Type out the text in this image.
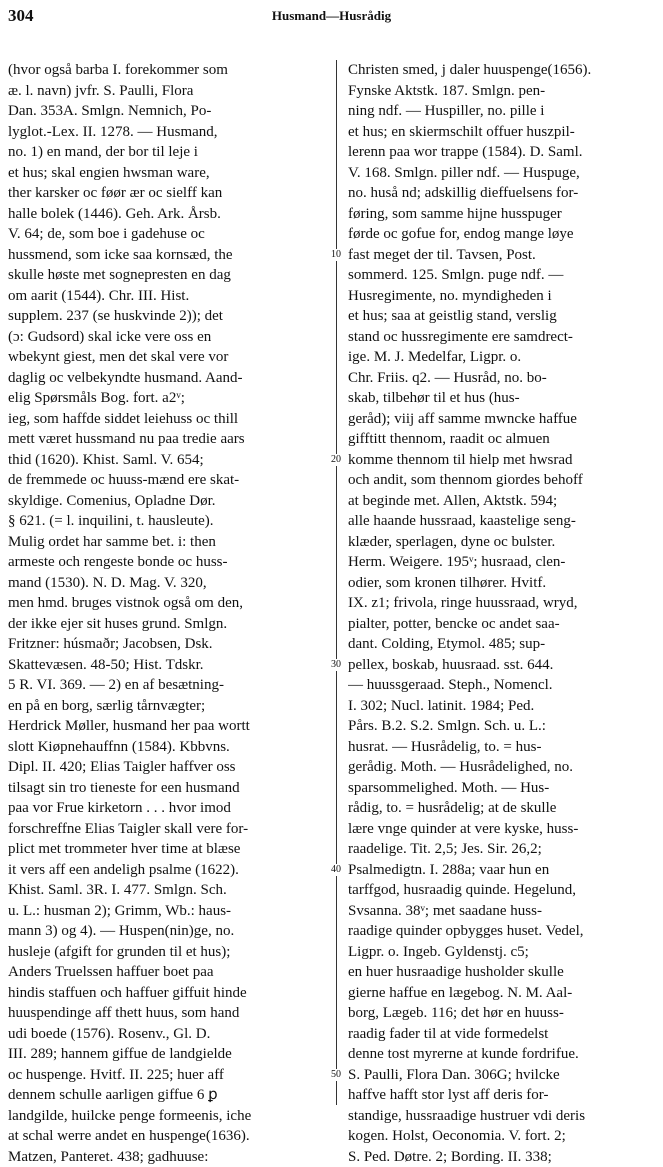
304	Husmand—Husrådig
(hvor også barba I. forekommer som
æ. l. navn) jvfr. S. Paulli, Flora
Dan. 353A. Smlgn. Nemnich, Po-
lyglot.-Lex. II. 1278. — Husmand,
no. 1) en mand, der bor til leje i
et hus; skal engien hwsman ware,
ther karsker oc føør ær oc sielff kan
halle bolek (1446). Geh. Ark. Årsb.
V. 64; de, som boe i gadehuse oc
hussmend, som icke saa kornsæd, the
skulle høste met sognepresten en dag
om aarit (1544). Chr. III. Hist.
supplem. 237 (se huskvinde 2)); det
(ɔ: Gudsord) skal icke vere oss en
wbekynt giest, men det skal vere vor
daglig oc velbekyndte husmand. Aand-
elig Spørsmåls Bog. fort. a2ᵛ;
ieg, som haffde siddet leiehuss oc thill
mett været hussmand nu paa tredie aars
thid (1620). Khist. Saml. V. 654;
de fremmede oc huuss-mænd ere skat-
skyldige. Comenius, Opladne Dør.
§ 621. (= l. inquilini, t. hausleute).
Mulig ordet har samme bet. i: then
armeste och rengeste bonde oc huss-
mand (1530). N. D. Mag. V. 320,
men hmd. bruges vistnok også om den,
der ikke ejer sit huses grund. Smlgn.
Fritzner: húsmaðr; Jacobsen, Dsk.
Skattevæsen. 48-50; Hist. Tdskr.
5 R. VI. 369. — 2) en af besætning-
en på en borg, særlig tårnvægter;
Herdrick Møller, husmand her paa wortt
slott Kiøpnehauffnn (1584). Kbbvns.
Dipl. II. 420; Elias Taigler haffver oss
tilsagt sin tro tieneste for een husmand
paa vor Frue kirketorn . . . hvor imod
forschreffne Elias Taigler skall vere for-
plict met trommeter hver time at blæse
it vers aff een andeligh psalme (1622).
Khist. Saml. 3R. I. 477. Smlgn. Sch.
u. L.: husman 2); Grimm, Wb.: haus-
mann 3) og 4). — Huspen(nin)ge, no.
husleje (afgift for grunden til et hus);
Anders Truelssen haffuer boet paa
hindis staffuen och haffuer giffuit hinde
huuspendinge aff thett huus, som hand
udi boede (1576). Rosenv., Gl. D.
III. 289; hannem giffue de landgielde
oc huspenge. Hvitf. II. 225; huer aff
dennem schulle aarligen giffue 6 ꝑ
landgilde, huilcke penge formeenis, iche
at schal werre andet en huspenge(1636).
Matzen, Panteret. 438; gadhuuse:
Christen smed, j daler huuspenge(1656).
Fynske Aktstk. 187. Smlgn. pen-
ning ndf. — Huspiller, no. pille i
et hus; en skiermschilt offuer huszpil-
lerenn paa wor trappe (1584). D. Saml.
V. 168. Smlgn. piller ndf. — Huspuge,
no. huså nd; adskillig dieffuelsens for-
føring, som samme hijne husspuger
førde oc gofue for, endog mange løye
fast meget der til. Tavsen, Post.
sommerd. 125. Smlgn. puge ndf. —
Husregimente, no. myndigheden i
et hus; saa at geistlig stand, verslig
stand oc hussregimente ere samdrect-
ige. M. J. Medelfar, Ligpr. o.
Chr. Friis. q2. — Husråd, no. bo-
skab, tilbehør til et hus (hus-
geråd); viij aff samme mwncke haffue
gifftitt thennom, raadit oc almuen
komme thennom til hielp met hwsrad
och andit, som thennom giordes behoff
at beginde met. Allen, Aktstk. 594;
alle haande hussraad, kaastelige seng-
klæder, sperlagen, dyne oc bulster.
Herm. Weigere. 195ᵛ; husraad, clen-
odier, som kronen tilhører. Hvitf.
IX. z1; frivola, ringe huussraad, wryd,
pialter, potter, bencke oc andet saa-
dant. Colding, Etymol. 485; sup-
pellex, boskab, huusraad. sst. 644.
— huussgeraad. Steph., Nomencl.
I. 302; Nucl. latinit. 1984; Ped.
Pårs. B.2. S.2. Smlgn. Sch. u. L.:
husrat. — Husrådelig, to. = hus-
gerådig. Moth. — Husrådelighed, no.
sparsommelighed. Moth. — Hus-
rådig, to. = husrådelig; at de skulle
lære vnge quinder at vere kyske, huss-
raadelige. Tit. 2,5; Jes. Sir. 26,2;
Psalmedigtn. I. 288a; vaar hun en
tarffgod, husraadig quinde. Hegelund,
Svsanna. 38ᵛ; met saadane huss-
raadige quinder opbygges huset. Vedel,
Ligpr. o. Ingeb. Gyldenstj. c5;
en huer husraadige husholder skulle
gierne haffue en lægebog. N. M. Aal-
borg, Lægeb. 116; det hør en huuss-
raadig fader til at vide formedelst
denne tost myrerne at kunde fordrifue.
S. Paulli, Flora Dan. 306G; hvilcke
haffve hafft stor lyst aff deris for-
standige, hussraadige hustruer vdi deris
kogen. Holst, Oeconomia. V. fort. 2;
S. Ped. Døtre. 2; Bording. II. 338;
10
20
30
40
50
